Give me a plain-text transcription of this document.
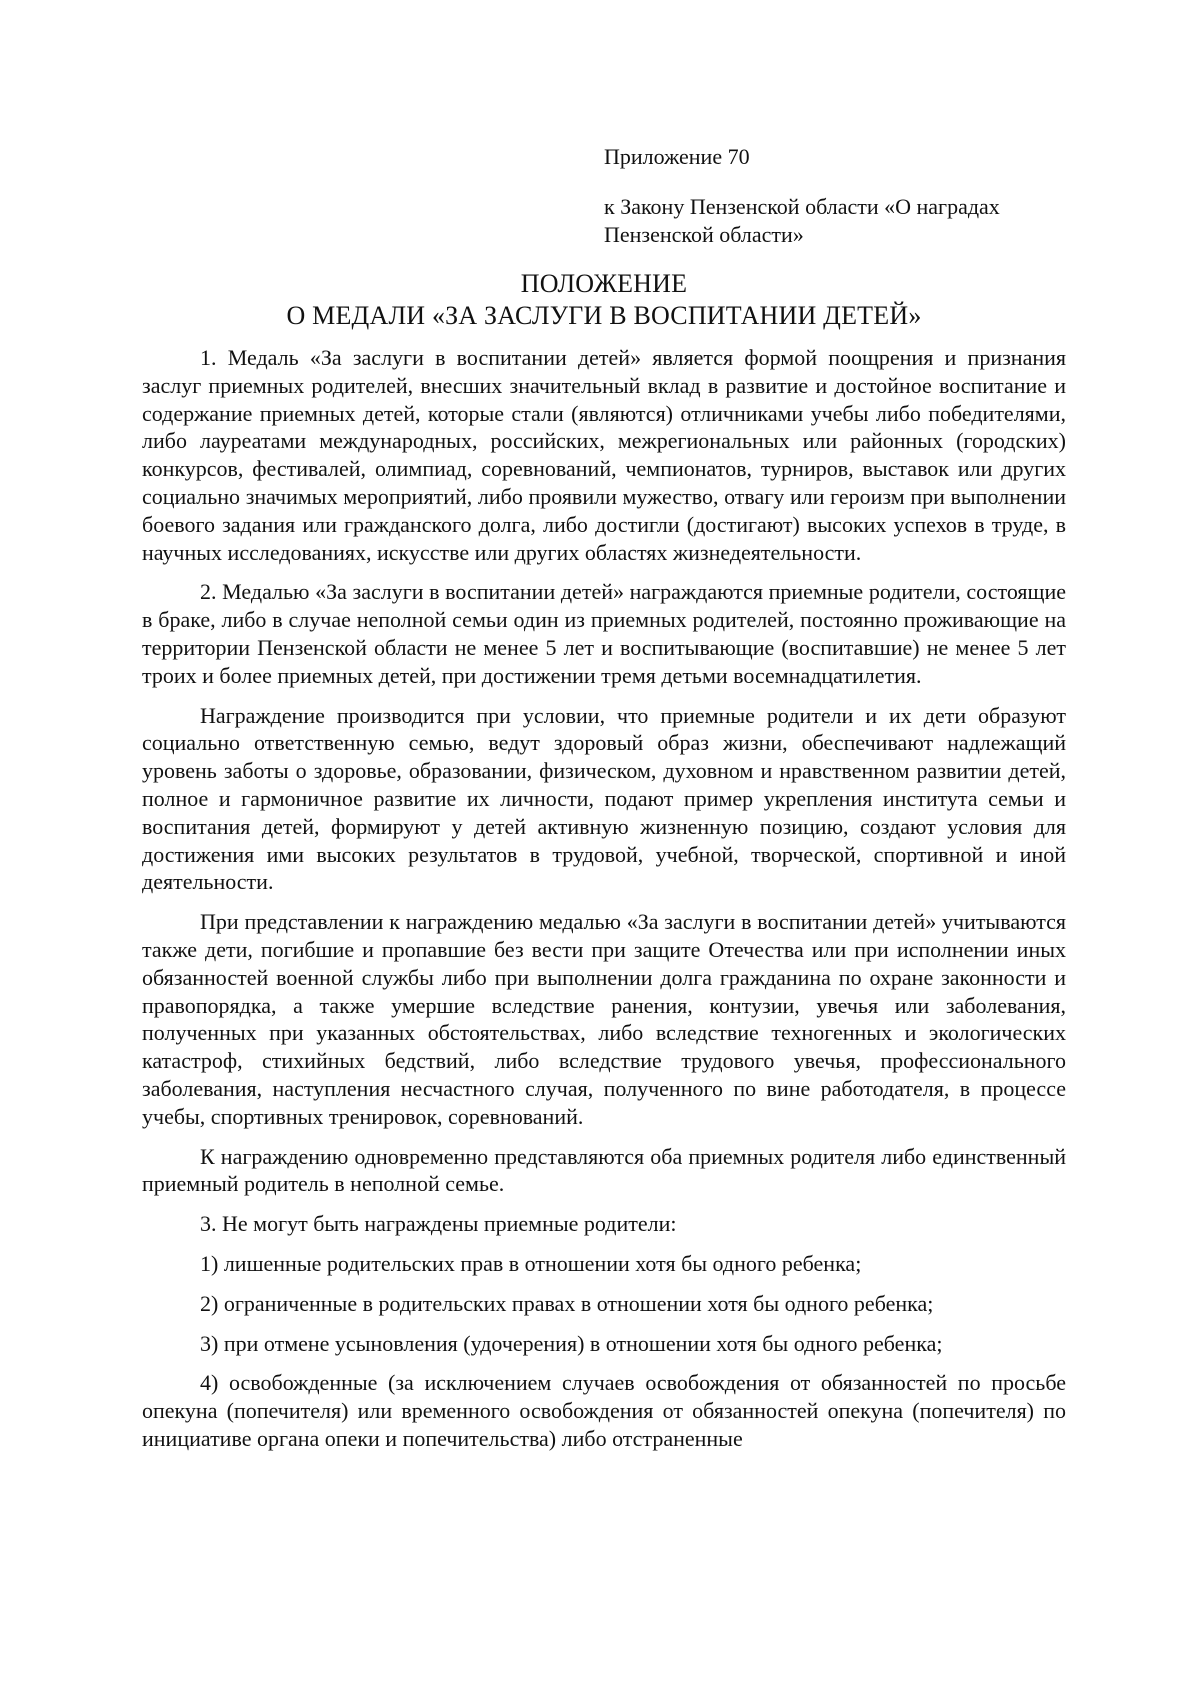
Приложение 70
к Закону Пензенской области «О наградах Пензенской области»
ПОЛОЖЕНИЕ
О МЕДАЛИ «ЗА ЗАСЛУГИ В ВОСПИТАНИИ ДЕТЕЙ»

1. Медаль «За заслуги в воспитании детей» является формой поощрения и признания заслуг приемных родителей, внесших значительный вклад в развитие и достойное воспитание и содержание приемных детей, которые стали (являются) отличниками учебы либо победителями, либо лауреатами международных, российских, межрегиональных или районных (городских) конкурсов, фестивалей, олимпиад, соревнований, чемпионатов, турниров, выставок или других социально значимых мероприятий, либо проявили мужество, отвагу или героизм при выполнении боевого задания или гражданского долга, либо достигли (достигают) высоких успехов в труде, в научных исследованиях, искусстве или других областях жизнедеятельности.

2. Медалью «За заслуги в воспитании детей» награждаются приемные родители, состоящие в браке, либо в случае неполной семьи один из приемных родителей, постоянно проживающие на территории Пензенской области не менее 5 лет и воспитывающие (воспитавшие) не менее 5 лет троих и более приемных детей, при достижении тремя детьми восемнадцатилетия.

Награждение производится при условии, что приемные родители и их дети образуют социально ответственную семью, ведут здоровый образ жизни, обеспечивают надлежащий уровень заботы о здоровье, образовании, физическом, духовном и нравственном развитии детей, полное и гармоничное развитие их личности, подают пример укрепления института семьи и воспитания детей, формируют у детей активную жизненную позицию, создают условия для достижения ими высоких результатов в трудовой, учебной, творческой, спортивной и иной деятельности.

При представлении к награждению медалью «За заслуги в воспитании детей» учитываются также дети, погибшие и пропавшие без вести при защите Отечества или при исполнении иных обязанностей военной службы либо при выполнении долга гражданина по охране законности и правопорядка, а также умершие вследствие ранения, контузии, увечья или заболевания, полученных при указанных обстоятельствах, либо вследствие техногенных и экологических катастроф, стихийных бедствий, либо вследствие трудового увечья, профессионального заболевания, наступления несчастного случая, полученного по вине работодателя, в процессе учебы, спортивных тренировок, соревнований.

К награждению одновременно представляются оба приемных родителя либо единственный приемный родитель в неполной семье.

3. Не могут быть награждены приемные родители:

1) лишенные родительских прав в отношении хотя бы одного ребенка;

2) ограниченные в родительских правах в отношении хотя бы одного ребенка;

3) при отмене усыновления (удочерения) в отношении хотя бы одного ребенка;

4) освобожденные (за исключением случаев освобождения от обязанностей по просьбе опекуна (попечителя) или временного освобождения от обязанностей опекуна (попечителя) по инициативе органа опеки и попечительства) либо отстраненные
